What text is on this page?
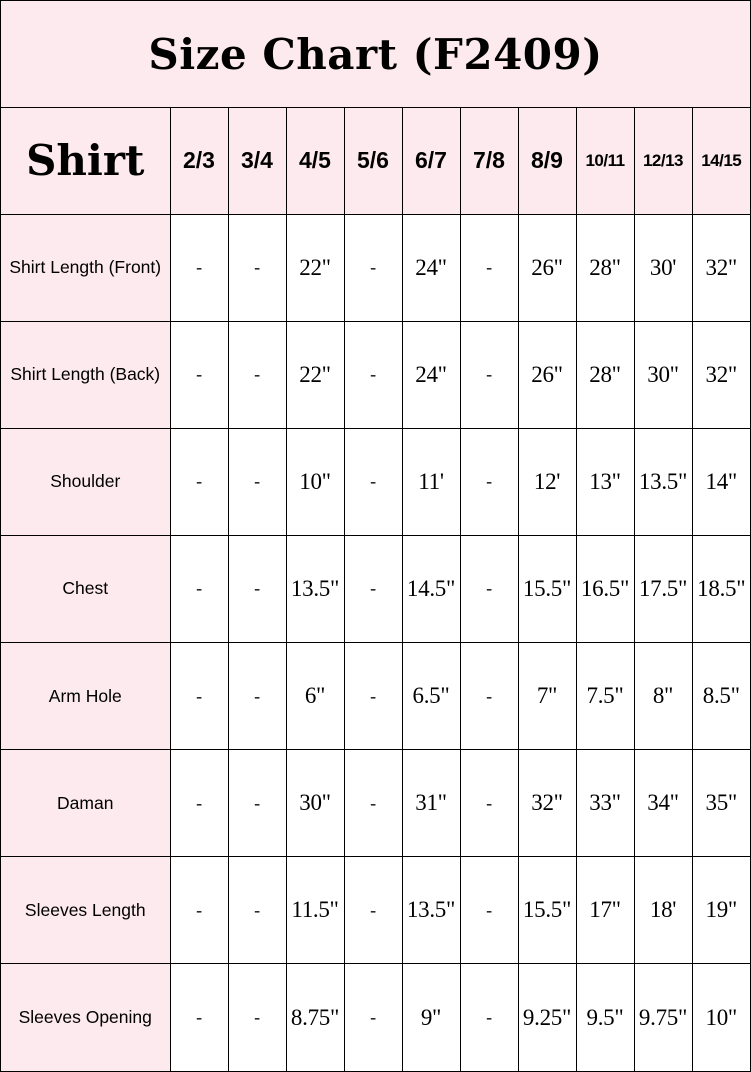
Size Chart (F2409)
Shirt	2/3	3/4	4/5	5/6	6/7	7/8	8/9	10/11	12/13	14/15
Shirt Length (Front)	-	-	22"	-	24"	-	26"	28"	30'	32"
Shirt Length (Back)	-	-	22"	-	24"	-	26"	28"	30"	32"
Shoulder	-	-	10"	-	11'	-	12'	13"	13.5"	14"
Chest	-	-	13.5"	-	14.5"	-	15.5"	16.5"	17.5"	18.5"
Arm Hole	-	-	6"	-	6.5"	-	7"	7.5"	8"	8.5"
Daman	-	-	30"	-	31"	-	32"	33"	34"	35"
Sleeves Length	-	-	11.5"	-	13.5"	-	15.5"	17"	18'	19"
Sleeves Opening	-	-	8.75"	-	9"	-	9.25"	9.5"	9.75"	10"
